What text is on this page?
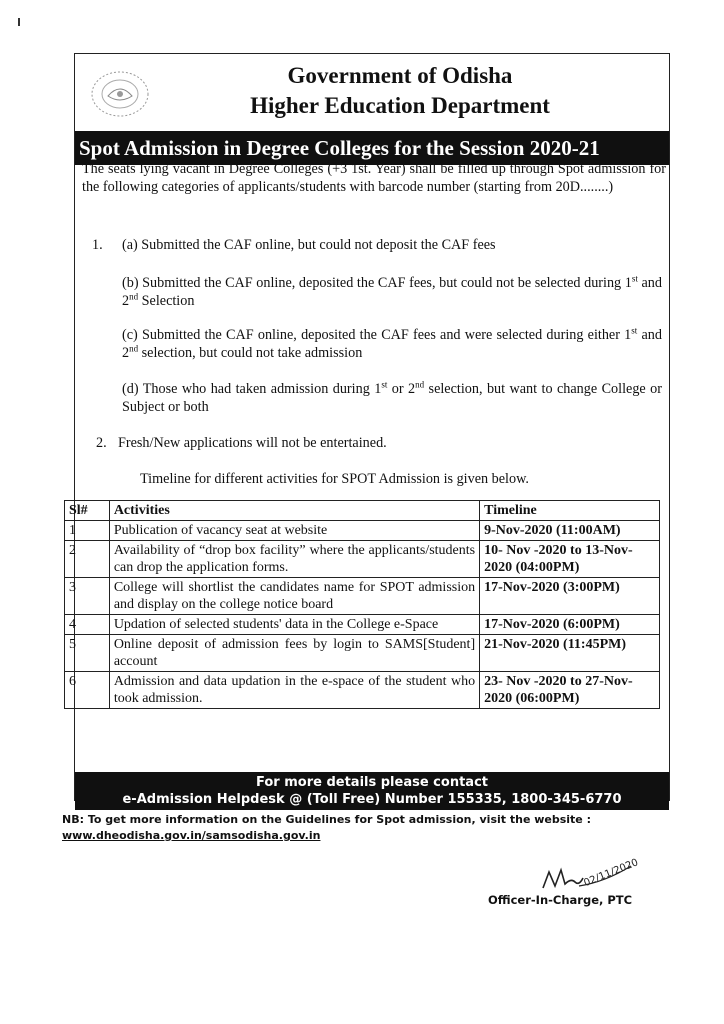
Government of Odisha
Higher Education Department
Spot Admission in Degree Colleges for the Session 2020-21
The seats lying vacant in Degree Colleges (+3 1st. Year) shall be filled up through Spot admission for the following categories of applicants/students with barcode number (starting from 20D........)
1. (a) Submitted the CAF online, but could not deposit the CAF fees
(b) Submitted the CAF online, deposited the CAF fees, but could not be selected during 1st and 2nd Selection
(c) Submitted the CAF online, deposited the CAF fees and were selected during either 1st and 2nd selection, but could not take admission
(d) Those who had taken admission during 1st or 2nd selection, but want to change College or Subject or both
2. Fresh/New applications will not be entertained.
Timeline for different activities for SPOT Admission is given below.
Sl#	Activities	Timeline
1	Publication of vacancy seat at website	9-Nov-2020 (11:00AM)
2	Availability of “drop box facility” where the applicants/students can drop the application forms.	10- Nov -2020 to 13-Nov-2020 (04:00PM)
3	College will shortlist the candidates name for SPOT admission and display on the college notice board	17-Nov-2020 (3:00PM)
4	Updation of selected students' data in the College e-Space	17-Nov-2020 (6:00PM)
5	Online deposit of admission fees by login to SAMS[Student] account	21-Nov-2020 (11:45PM)
6	Admission and data updation in the e-space of the student who took admission.	23- Nov -2020 to 27-Nov-2020 (06:00PM)
For more details please contact
e-Admission Helpdesk @ (Toll Free) Number 155335, 1800-345-6770
NB: To get more information on the Guidelines for Spot admission, visit the website :
www.dheodisha.gov.in/samsodisha.gov.in
02/11/2020
Officer-In-Charge, PTC
